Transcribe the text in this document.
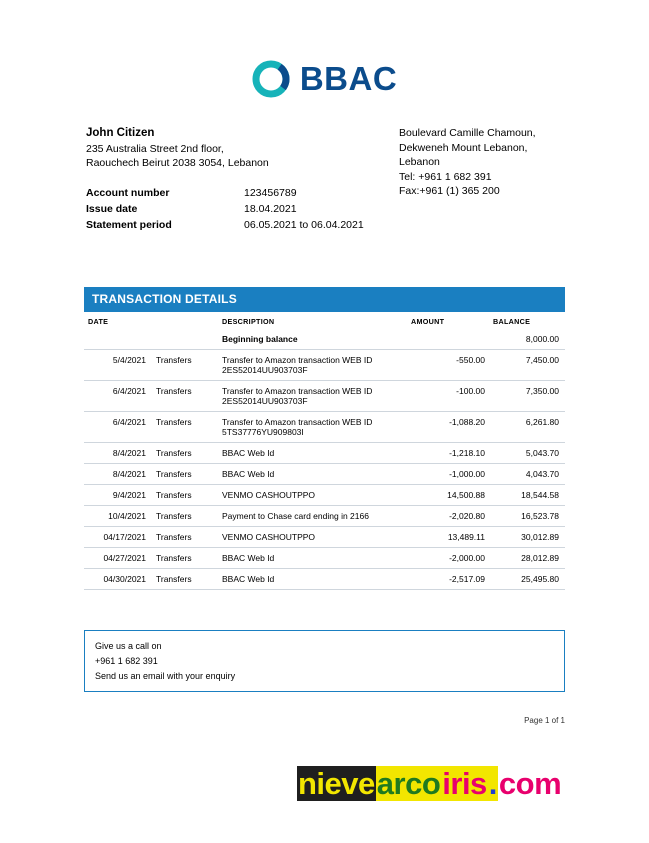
BBAC
John Citizen
235 Australia Street 2nd floor,
Raouchech Beirut 2038 3054, Lebanon
Boulevard Camille Chamoun,
Dekweneh Mount Lebanon,
Lebanon
Tel: +961 1 682 391
Fax:+961 (1) 365 200
Account number	123456789
Issue date	18.04.2021
Statement period	06.05.2021 to 06.04.2021
TRANSACTION DETAILS
DATE		DESCRIPTION	AMOUNT	BALANCE
		Beginning balance		8,000.00
5/4/2021	Transfers	Transfer to Amazon transaction WEB ID
2ES52014UU903703F	-550.00	7,450.00
6/4/2021	Transfers	Transfer to Amazon transaction WEB ID
2ES52014UU903703F	-100.00	7,350.00
6/4/2021	Transfers	Transfer to Amazon transaction WEB ID
5TS37776YU909803I	-1,088.20	6,261.80
8/4/2021	Transfers	BBAC Web Id	-1,218.10	5,043.70
8/4/2021	Transfers	BBAC Web Id	-1,000.00	4,043.70
9/4/2021	Transfers	VENMO CASHOUTPPO	14,500.88	18,544.58
10/4/2021	Transfers	Payment to Chase card ending in 2166	-2,020.80	16,523.78
04/17/2021	Transfers	VENMO CASHOUTPPO	13,489.11	30,012.89
04/27/2021	Transfers	BBAC Web Id	-2,000.00	28,012.89
04/30/2021	Transfers	BBAC Web Id	-2,517.09	25,495.80
Give us a call on
+961 1 682 391
Send us an email with your enquiry
Page 1 of 1
nievearcoiris.com
